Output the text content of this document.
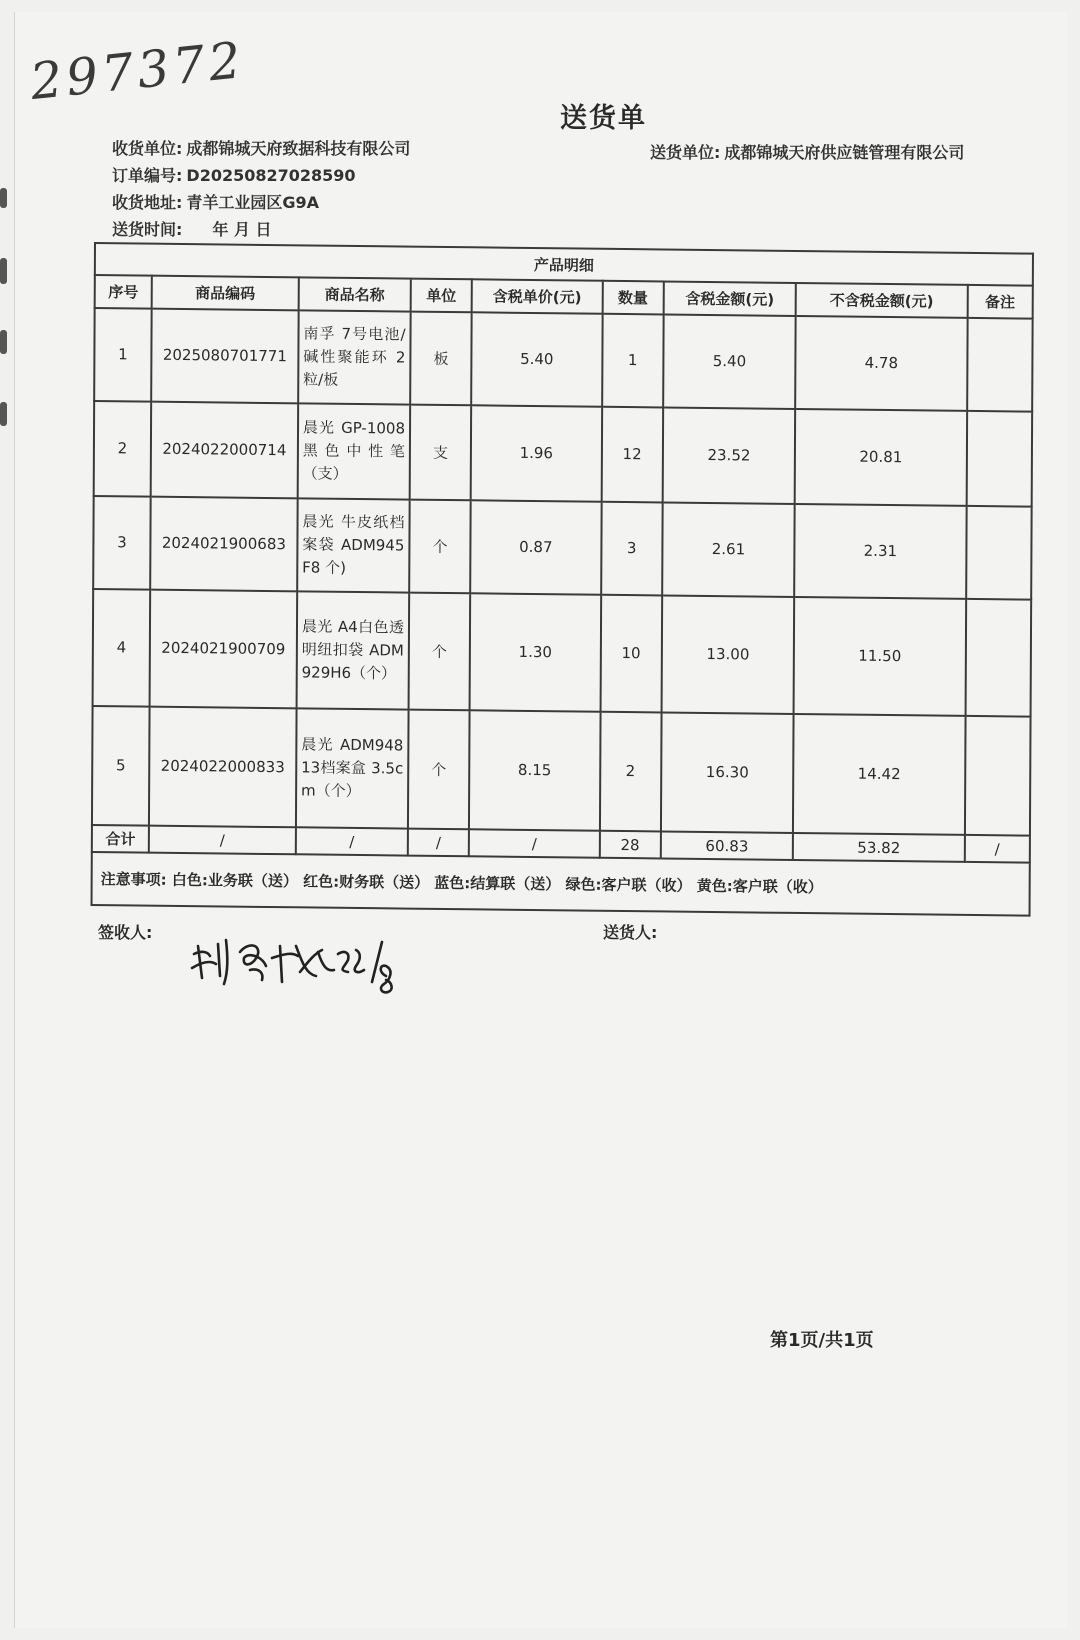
297372
送货单
收货单位: 成都锦城天府致据科技有限公司	送货单位: 成都锦城天府供应链管理有限公司
订单编号: D20250827028590
收货地址: 青羊工业园区G9A
送货时间: 年 月 日
产品明细								
序号	商品编码	商品名称	单位	含税单价(元)	数量	含税金额(元)	不含税金额(元)	备注
1	2025080701771	南孚 7号电池/碱性聚能环 2粒/板	板	5.40	1	5.40	4.78	
2	2024022000714	晨光 GP-1008 黑色中性笔（支）	支	1.96	12	23.52	20.81	
3	2024021900683	晨光 牛皮纸档案袋 ADM945F8 个)	个	0.87	3	2.61	2.31	
4	2024021900709	晨光 A4白色透明纽扣袋 ADM929H6（个）	个	1.30	10	13.00	11.50	
5	2024022000833	晨光 ADM94813档案盒 3.5cm（个）	个	8.15	2	16.30	14.42	
合计	/	/	/	/	28	60.83	53.82	/
注意事项: 白色:业务联（送） 红色:财务联（送） 蓝色:结算联（送） 绿色:客户联（收） 黄色:客户联（收）								
签收人:	送货人:
第1页/共1页
